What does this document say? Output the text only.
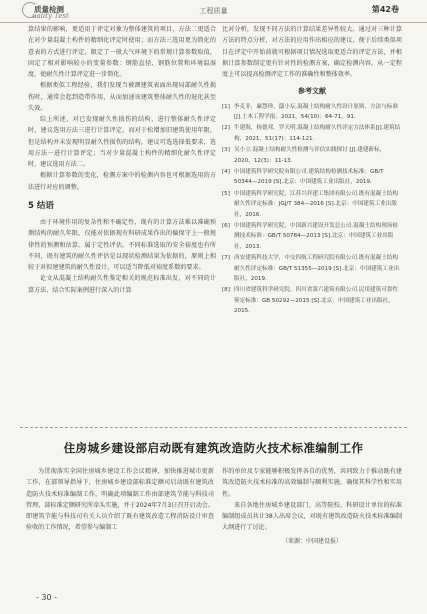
质量检测
uality Test
工程质量	第42卷

算结果的影响，更适用于评定对象为整体建筑的项目，方法二更适合在对少量混凝土构件的精细化评定时使用；而方法三选用更为简化的意表的方式进行评定，限定了一般大气环境下的常规计算参数取值，固定了相对影响较小的变量参数：钢筋直径、钢筋位置和环境温湿度，使耐久性计算评定进一步简化。

根据类似工程经验，我们发现当被测建筑表面出现局部耐久性损伤时，通常会起到造带作用，从而加速该建筑整体耐久性的退化甚至失效。

综上所述，对已发现耐久性损伤的结构，进行整体耐久性评定时，建议选用方法三进行计算评定，而对于松增加旧建筑使用年限，但是结构并未发现明显耐久性损伤的结构，建议可选选择低要求，选用方法一进行计算评定；当对少量混凝土构件的精细化耐久性评定时，建议选用方法二。

根据计算参数的变化，检测方案中的检测内容也可根据选用的方法进行对应的调整。

5 结语

由于环境作用的复杂性和不确定性，现有的计算方法难以准确预测结构的耐久年限，仅能对依据现有科研成果作出的偏保守上一般规律性的预测和估算。属于定性评估。不同标准选取的安全裕度也有所不同，既有建筑的耐久性评估是以现状检测结果为依据的，原则上相较于对拟建建筑的耐久性设计，可以适当降低对裕度系数的要求。

论文从混凝土结构耐久性鉴定相关的规范标准出发，对不同的计算方法，结合实际案例进行深入的计算

比对分析，发现不同方法的计算结果差异性较大。通过对三种计算方法的特点分析，对方法的应用作出相应的建议，便于后续类似项目在评定中开始前就可根据项目情况选取更适合的评定方法，并根据计算参数制定更有针对性的检测方案，确定检测内容，从一定程度上可以提高检测评定工作的准确性和整体效率。

参考文献
[1] 李克非，廉慧珍，邸小坛.混凝土结构耐久性设计原则、方法与标准 [J].土木工程学报，2021，54(10)：64-71，91.
[2] 牛建海，杨德邦，罗天明.混凝土结构耐久性评定方法体系[J].建筑结构，2021，51(17)：114-121.
[3] 吴小立.混凝土结构耐久性检测与评估实践探讨 [J].建建新标，2020，12(3)：11-13.
[4] 中国建筑科学研究院有限公司.建筑结构检测技术标准：GB/T 50344—2019 [S].北京：中国建筑工业出版社，2019.
[5] 中国建筑科学研究院，江苏兴祥建工集团有限公司.既有混凝土结构耐久性评定标准：JGJ/T 384—2016 [S].北京：中国建筑工业出版社，2016.
[6] 中国建筑科学研究院，中国新兴建设开发总公司.混凝土结构现场检测技术标准：GB/T 50784—2013 [S].北京：中国建筑工业出版社，2013.
[7] 西安建筑科技大学，中交四航工程研究院有限公司.既有混凝土结构耐久性评定标准：GB/T 51355—2019 [S].北京：中国建筑工业出版社，2019.
[8] 四川省建筑科学研究院，四川省第六建筑有限公司.民用建筑可靠性鉴定标准：GB 50292—2015 [S].北京：中国建筑工业出版社，2015.
住房城乡建设部启动既有建筑改造防火技术标准编制工作

为贯彻落实全国住房城乡建设工作会议精神，加快推进城市更新工作，在部领导指导下，住房城乡建设部标准定额司启动既有建筑改造防火技术标准编制工作，明确此项编制工作由部建筑节能与科技司管理、部标准定额研究所牵头实施，并于2024年7月3日召开启动会。即建筑节能与科技司有关人员介绍了既有建筑改造工程消防设计审查验收的工作情况，希望参与编制工

作的单位及专家能够积极发挥各自的优势，共同致力于推动既有建筑改造防火技术标准的高效编制与顺利实施，确保其科学性和实用性。

来自各地住房城乡建设部门、高等院校、科研设计单位的标准编制组成员共计38人出席会议，对既有建筑改造防火技术标准编制大纲进行了讨论。

（来源：中国建设报）
- 30 -
